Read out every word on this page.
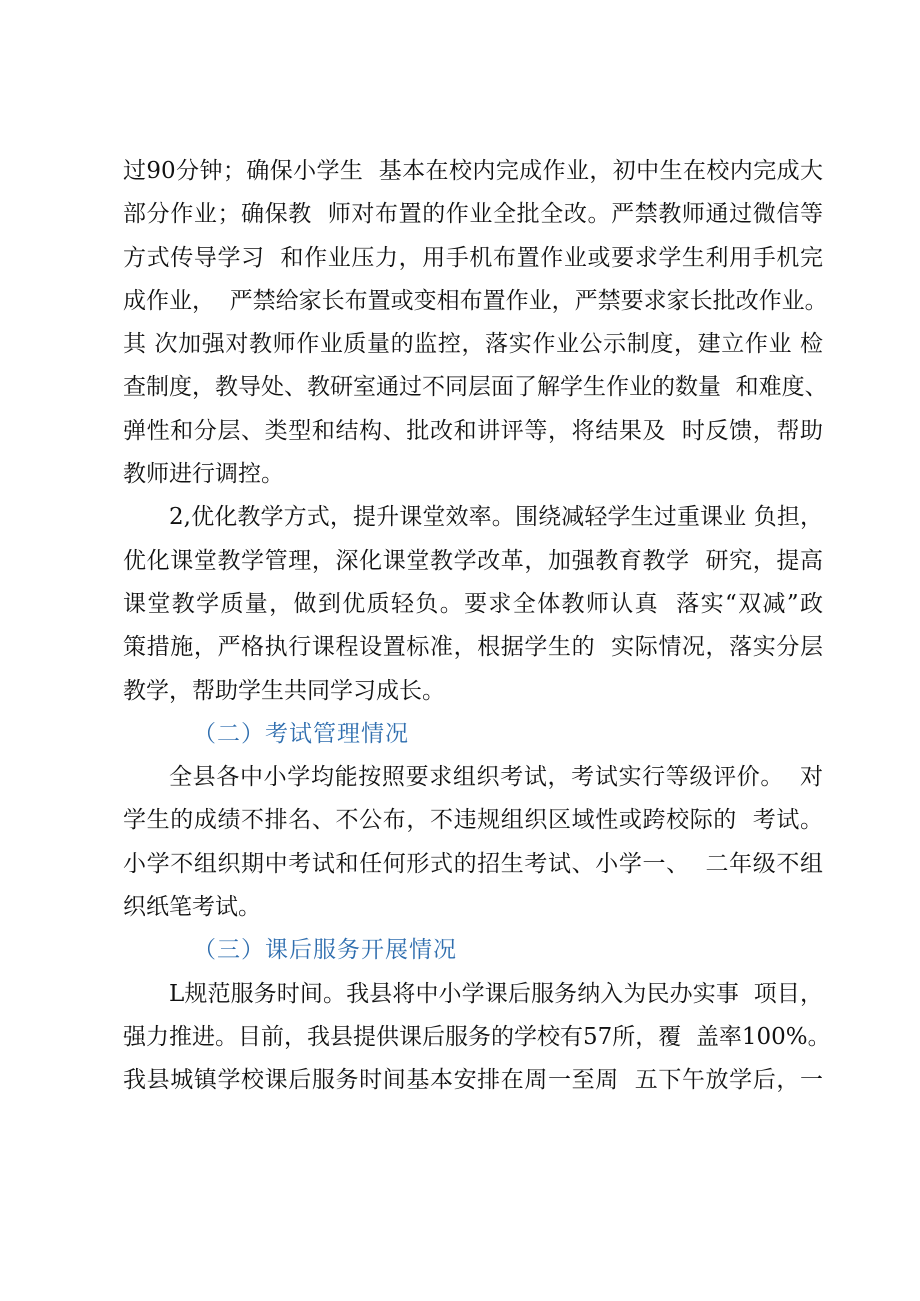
过90分钟；确保小学生  基本在校内完成作业，初中生在校内完成大
部分作业；确保教  师对布置的作业全批全改。严禁教师通过微信等
方式传导学习  和作业压力，用手机布置作业或要求学生利用手机完
成作业，  严禁给家长布置或变相布置作业，严禁要求家长批改作业。
其 次加强对教师作业质量的监控，落实作业公示制度，建立作业 检
查制度，教导处、教研室通过不同层面了解学生作业的数量  和难度、
弹性和分层、类型和结构、批改和讲评等，将结果及  时反馈，帮助
教师进行调控。
2,优化教学方式，提升课堂效率。围绕减轻学生过重课业 负担，
优化课堂教学管理，深化课堂教学改革，加强教育教学  研究，提高
课堂教学质量，做到优质轻负。要求全体教师认真  落实“双减”政
策措施，严格执行课程设置标准，根据学生的  实际情况，落实分层
教学，帮助学生共同学习成长。
（二）考试管理情况
全县各中小学均能按照要求组织考试，考试实行等级评价。  对
学生的成绩不排名、不公布，不违规组织区域性或跨校际的  考试。
小学不组织期中考试和任何形式的招生考试、小学一、  二年级不组
织纸笔考试。
（三）课后服务开展情况
L规范服务时间。我县将中小学课后服务纳入为民办实事  项目，
强力推进。目前，我县提供课后服务的学校有57所，覆  盖率100%。
我县城镇学校课后服务时间基本安排在周一至周  五下午放学后，一
